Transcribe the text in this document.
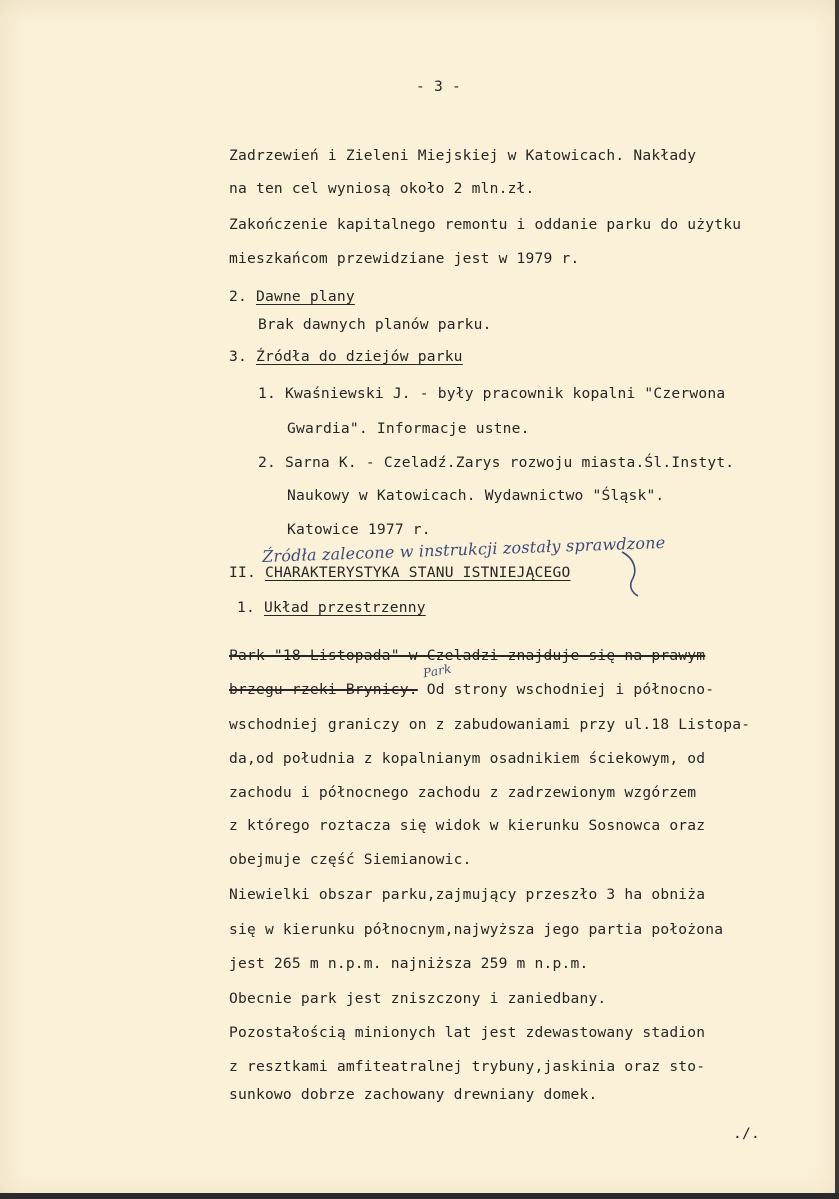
- 3 -
Zadrzewień i Zieleni Miejskiej w Katowicach. Nakłady
na ten cel wyniosą około 2 mln.zł.
Zakończenie kapitalnego remontu i oddanie parku do użytku
mieszkańcom przewidziane jest w 1979 r.
2. Dawne plany
Brak dawnych planów parku.
3. Źródła do dziejów parku
1. Kwaśniewski J. - były pracownik kopalni "Czerwona
Gwardia". Informacje ustne.
2. Sarna K. - Czeladź.Zarys rozwoju miasta.Śl.Instyt.
Naukowy w Katowicach. Wydawnictwo "Śląsk".
Katowice 1977 r.
Źródła zalecone w instrukcji zostały sprawdzone
II. CHARAKTERYSTYKA STANU ISTNIEJĄCEGO
1. Układ przestrzenny
Park "18 Listopada" w Czeladzi znajduje się na prawym
Park
brzegu rzeki Brynicy. Od strony wschodniej i północno-
wschodniej graniczy on z zabudowaniami przy ul.18 Listopa-
da,od południa z kopalnianym osadnikiem ściekowym, od
zachodu i północnego zachodu z zadrzewionym wzgórzem
z którego roztacza się widok w kierunku Sosnowca oraz
obejmuje część Siemianowic.
Niewielki obszar parku,zajmujący przeszło 3 ha obniża
się w kierunku północnym,najwyższa jego partia położona
jest 265 m n.p.m. najniższa 259 m n.p.m.
Obecnie park jest zniszczony i zaniedbany.
Pozostałością minionych lat jest zdewastowany stadion
z resztkami amfiteatralnej trybuny,jaskinia oraz sto-
sunkowo dobrze zachowany drewniany domek.
./.
